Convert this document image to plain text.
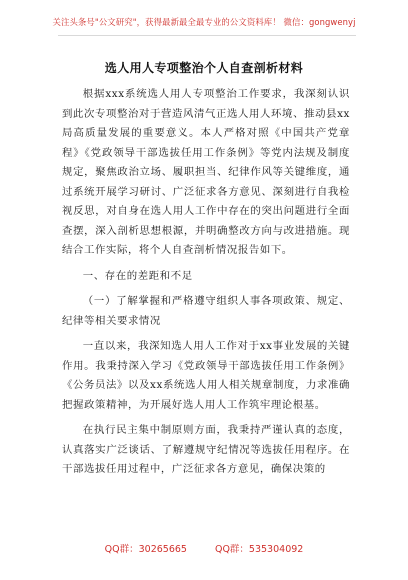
关注头条号"公文研究"，获得最新最全最专业的公文资料库！ 微信：gongwenyj
选人用人专项整治个人自查剖析材料

根据xxx系统选人用人专项整治工作要求，我深刻认识到此次专项整治对于营造风清气正选人用人环境、推动县xx局高质量发展的重要意义。本人严格对照《中国共产党章程》《党政领导干部选拔任用工作条例》等党内法规及制度规定，聚焦政治立场、履职担当、纪律作风等关键维度，通过系统开展学习研讨、广泛征求各方意见、深刻进行自我检视反思，对自身在选人用人工作中存在的突出问题进行全面查摆，深入剖析思想根源，并明确整改方向与改进措施。现结合工作实际，将个人自查剖析情况报告如下。

一、存在的差距和不足

（一）了解掌握和严格遵守组织人事各项政策、规定、纪律等相关要求情况

一直以来，我深知选人用人工作对于xx事业发展的关键作用。我秉持深入学习《党政领导干部选拔任用工作条例》《公务员法》以及xx系统选人用人相关规章制度，力求准确把握政策精神，为开展好选人用人工作筑牢理论根基。

在执行民主集中制原则方面，我秉持严谨认真的态度，认真落实广泛谈话、了解遵规守纪情况等选拔任用程序。在干部选拔任用过程中，广泛征求各方意见，确保决策的

QQ群：30265665	QQ群：535304092
